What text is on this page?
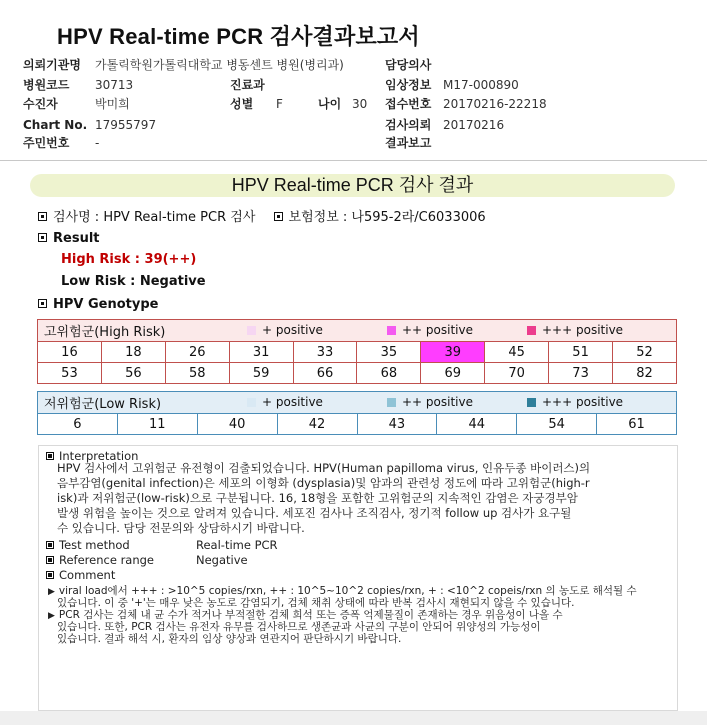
HPV Real-time PCR 검사결과보고서
의뢰기관명 가톨릭학원가톨릭대학교 병동센트 병원(병리과)	담당의사
병원코드 30713	진료과	임상정보 M17-000890
수진자	박미희	성별 F	나이 30 접수번호 20170216-22218
Chart No. 17955797	검사의뢰 20170216
주민번호 -	결과보고
HPV Real-time PCR 검사 결과
검사명 : HPV Real-time PCR 검사	보험정보 : 나595-2라/C6033006
Result
High Risk : 39(++)
Low Risk : Negative
HPV Genotype
고위험군(High Risk)									
16	18	26	31	33	35	39	45	51	52
53	56	58	59	66	68	69	70	73	82
+ positive	++ positive	+++ positive
저위험군(Low Risk)
6	11	40	42	43	44	54	61
+ positive	++ positive	+++ positive
Interpretation
HPV 검사에서 고위험군 유전형이 검출되었습니다. HPV(Human papilloma virus, 인유두종 바이러스)의
음부감염(genital infection)은 세포의 이형화 (dysplasia)및 암과의 관련성 정도에 따라 고위험군(high-r
isk)과 저위험군(low-risk)으로 구분됩니다. 16, 18형을 포함한 고위험군의 지속적인 감염은 자궁경부암
발생 위험을 높이는 것으로 알려져 있습니다. 세포진 검사나 조직검사, 정기적 follow up 검사가 요구될
수 있습니다. 담당 전문의와 상담하시기 바랍니다.
Test method	Real-time PCR
Reference range	Negative
Comment
▶ viral load에서 +++ : >10^5 copies/rxn, ++ : 10^5~10^2 copies/rxn, + : <10^2 copeis/rxn 의 농도로 해석될 수
있습니다. 이 중 '+'는 매우 낮은 농도로 감염되기, 검체 채취 상태에 따라 반복 검사시 재현되지 않을 수 있습니다.
▶ PCR 검사는 검체 내 균 수가 적거나 부적절한 검체 희석 또는 증폭 억제물질이 존재하는 경우 위음성이 나올 수
있습니다. 또한, PCR 검사는 유전자 유무를 검사하므로 생존균과 사균의 구분이 안되어 위양성의 가능성이
있습니다. 결과 해석 시, 환자의 임상 양상과 연관지어 판단하시기 바랍니다.
